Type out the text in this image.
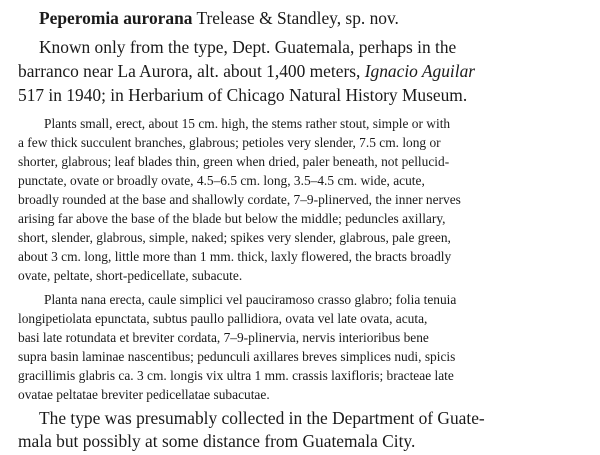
Peperomia aurorana Trelease & Standley, sp. nov.
Known only from the type, Dept. Guatemala, perhaps in the
barranco near La Aurora, alt. about 1,400 meters, Ignacio Aguilar
517 in 1940; in Herbarium of Chicago Natural History Museum.
Plants small, erect, about 15 cm. high, the stems rather stout, simple or with
a few thick succulent branches, glabrous; petioles very slender, 7.5 cm. long or
shorter, glabrous; leaf blades thin, green when dried, paler beneath, not pellucid-
punctate, ovate or broadly ovate, 4.5–6.5 cm. long, 3.5–4.5 cm. wide, acute,
broadly rounded at the base and shallowly cordate, 7–9-plinerved, the inner nerves
arising far above the base of the blade but below the middle; peduncles axillary,
short, slender, glabrous, simple, naked; spikes very slender, glabrous, pale green,
about 3 cm. long, little more than 1 mm. thick, laxly flowered, the bracts broadly
ovate, peltate, short-pedicellate, subacute.
Planta nana erecta, caule simplici vel pauciramoso crasso glabro; folia tenuia
longipetiolata epunctata, subtus paullo pallidiora, ovata vel late ovata, acuta,
basi late rotundata et breviter cordata, 7–9-plinervia, nervis interioribus bene
supra basin laminae nascentibus; pedunculi axillares breves simplices nudi, spicis
gracillimis glabris ca. 3 cm. longis vix ultra 1 mm. crassis laxifloris; bracteae late
ovatae peltatae breviter pedicellatae subacutae.
The type was presumably collected in the Department of Guate-
mala but possibly at some distance from Guatemala City.
